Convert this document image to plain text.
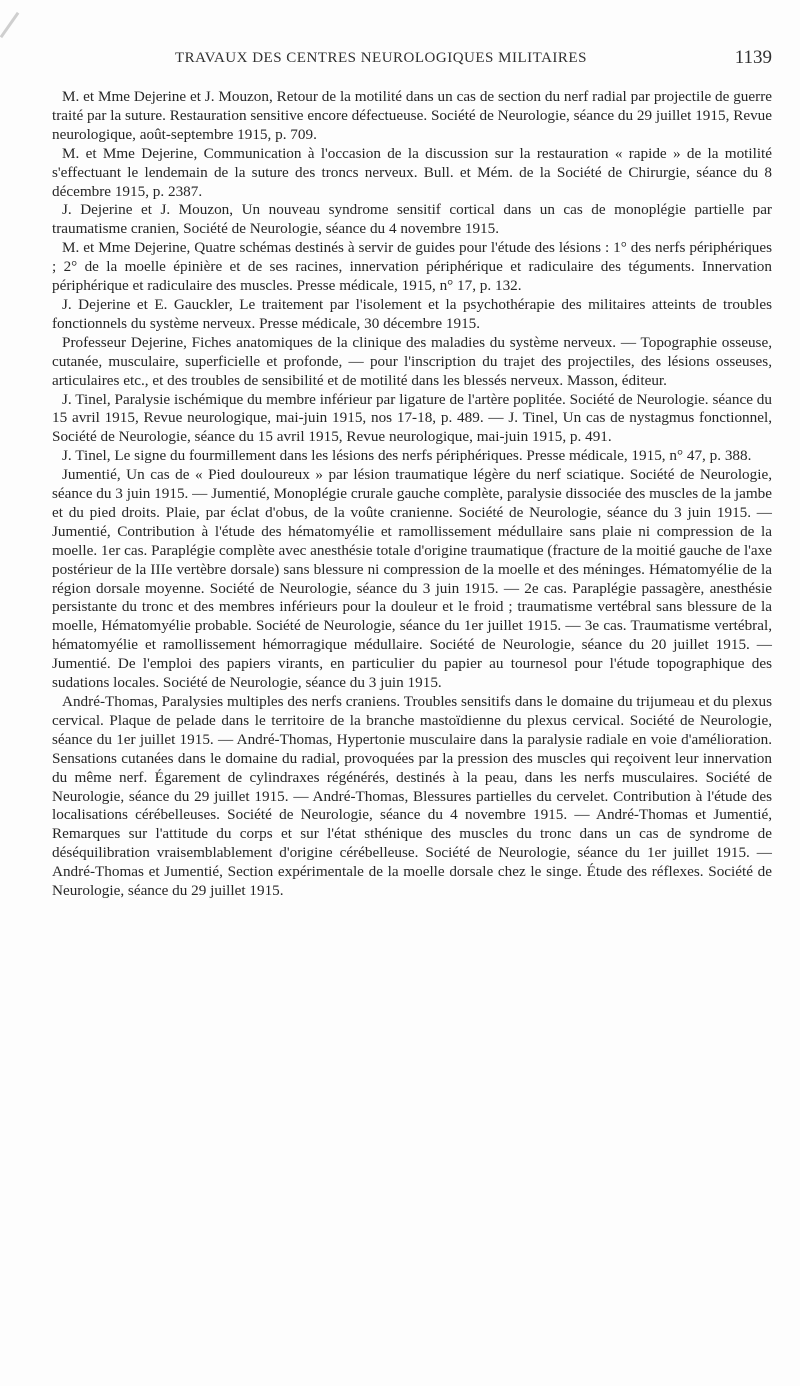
TRAVAUX DES CENTRES NEUROLOGIQUES MILITAIRES	1139

M. et Mme Dejerine et J. Mouzon, Retour de la motilité dans un cas de section du nerf radial par projectile de guerre traité par la suture. Restauration sensitive encore défectueuse. Société de Neurologie, séance du 29 juillet 1915, Revue neurologique, août-septembre 1915, p. 709.

M. et Mme Dejerine, Communication à l'occasion de la discussion sur la restauration « rapide » de la motilité s'effectuant le lendemain de la suture des troncs nerveux. Bull. et Mém. de la Société de Chirurgie, séance du 8 décembre 1915, p. 2387.

J. Dejerine et J. Mouzon, Un nouveau syndrome sensitif cortical dans un cas de monoplégie partielle par traumatisme cranien, Société de Neurologie, séance du 4 novembre 1915.

M. et Mme Dejerine, Quatre schémas destinés à servir de guides pour l'étude des lésions : 1° des nerfs périphériques ; 2° de la moelle épinière et de ses racines, innervation périphérique et radiculaire des téguments. Innervation périphérique et radiculaire des muscles. Presse médicale, 1915, n° 17, p. 132.

J. Dejerine et E. Gauckler, Le traitement par l'isolement et la psychothérapie des militaires atteints de troubles fonctionnels du système nerveux. Presse médicale, 30 décembre 1915.

Professeur Dejerine, Fiches anatomiques de la clinique des maladies du système nerveux. — Topographie osseuse, cutanée, musculaire, superficielle et profonde, — pour l'inscription du trajet des projectiles, des lésions osseuses, articulaires etc., et des troubles de sensibilité et de motilité dans les blessés nerveux. Masson, éditeur.

J. Tinel, Paralysie ischémique du membre inférieur par ligature de l'artère poplitée. Société de Neurologie. séance du 15 avril 1915, Revue neurologique, mai-juin 1915, nos 17-18, p. 489. — J. Tinel, Un cas de nystagmus fonctionnel, Société de Neurologie, séance du 15 avril 1915, Revue neurologique, mai-juin 1915, p. 491.

J. Tinel, Le signe du fourmillement dans les lésions des nerfs périphériques. Presse médicale, 1915, n° 47, p. 388.

Jumentié, Un cas de « Pied douloureux » par lésion traumatique légère du nerf sciatique. Société de Neurologie, séance du 3 juin 1915. — Jumentié, Monoplégie crurale gauche complète, paralysie dissociée des muscles de la jambe et du pied droits. Plaie, par éclat d'obus, de la voûte cranienne. Société de Neurologie, séance du 3 juin 1915. — Jumentié, Contribution à l'étude des hématomyélie et ramollissement médullaire sans plaie ni compression de la moelle. 1er cas. Paraplégie complète avec anesthésie totale d'origine traumatique (fracture de la moitié gauche de l'axe postérieur de la IIIe vertèbre dorsale) sans blessure ni compression de la moelle et des méninges. Hématomyélie de la région dorsale moyenne. Société de Neurologie, séance du 3 juin 1915. — 2e cas. Paraplégie passagère, anesthésie persistante du tronc et des membres inférieurs pour la douleur et le froid ; traumatisme vertébral sans blessure de la moelle, Hématomyélie probable. Société de Neurologie, séance du 1er juillet 1915. — 3e cas. Traumatisme vertébral, hématomyélie et ramollissement hémorragique médullaire. Société de Neurologie, séance du 20 juillet 1915. — Jumentié. De l'emploi des papiers virants, en particulier du papier au tournesol pour l'étude topographique des sudations locales. Société de Neurologie, séance du 3 juin 1915.

André-Thomas, Paralysies multiples des nerfs craniens. Troubles sensitifs dans le domaine du trijumeau et du plexus cervical. Plaque de pelade dans le territoire de la branche mastoïdienne du plexus cervical. Société de Neurologie, séance du 1er juillet 1915. — André-Thomas, Hypertonie musculaire dans la paralysie radiale en voie d'amélioration. Sensations cutanées dans le domaine du radial, provoquées par la pression des muscles qui reçoivent leur innervation du même nerf. Égarement de cylindraxes régénérés, destinés à la peau, dans les nerfs musculaires. Société de Neurologie, séance du 29 juillet 1915. — André-Thomas, Blessures partielles du cervelet. Contribution à l'étude des localisations cérébelleuses. Société de Neurologie, séance du 4 novembre 1915. — André-Thomas et Jumentié, Remarques sur l'attitude du corps et sur l'état sthénique des muscles du tronc dans un cas de syndrome de déséquilibration vraisemblablement d'origine cérébelleuse. Société de Neurologie, séance du 1er juillet 1915. — André-Thomas et Jumentié, Section expérimentale de la moelle dorsale chez le singe. Étude des réflexes. Société de Neurologie, séance du 29 juillet 1915.
